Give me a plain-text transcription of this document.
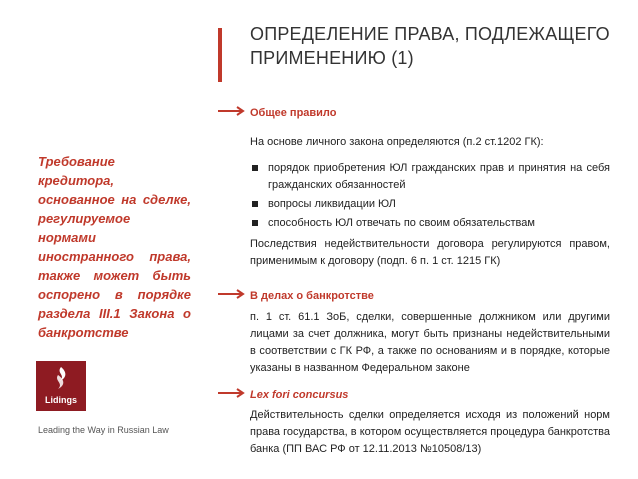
ОПРЕДЕЛЕНИЕ ПРАВА, ПОДЛЕЖАЩЕГО ПРИМЕНЕНИЮ (1)
Требование кредитора, основанное на сделке, регулируемое нормами иностранного права, также может быть оспорено в порядке раздела III.1 Закона о банкротстве
Lidings
Leading the Way in Russian Law
Общее правило
На основе личного закона определяются (п.2 ст.1202 ГК):
порядок приобретения ЮЛ гражданских прав и принятия на себя гражданских обязанностей
вопросы ликвидации ЮЛ
способность ЮЛ отвечать по своим обязательствам
Последствия недействительности договора регулируются правом, применимым к договору (подп. 6 п. 1 ст. 1215 ГК)
В делах о банкротстве
п. 1 ст. 61.1 ЗоБ, сделки, совершенные должником или другими лицами за счет должника, могут быть признаны недействительными в соответствии с ГК РФ, а также по основаниям и в порядке, которые указаны в названном Федеральном законе
Lex fori concursus
Действительность сделки определяется исходя из положений норм права государства, в котором осуществляется процедура банкротства банка (ПП ВАС РФ от 12.11.2013 №10508/13)
